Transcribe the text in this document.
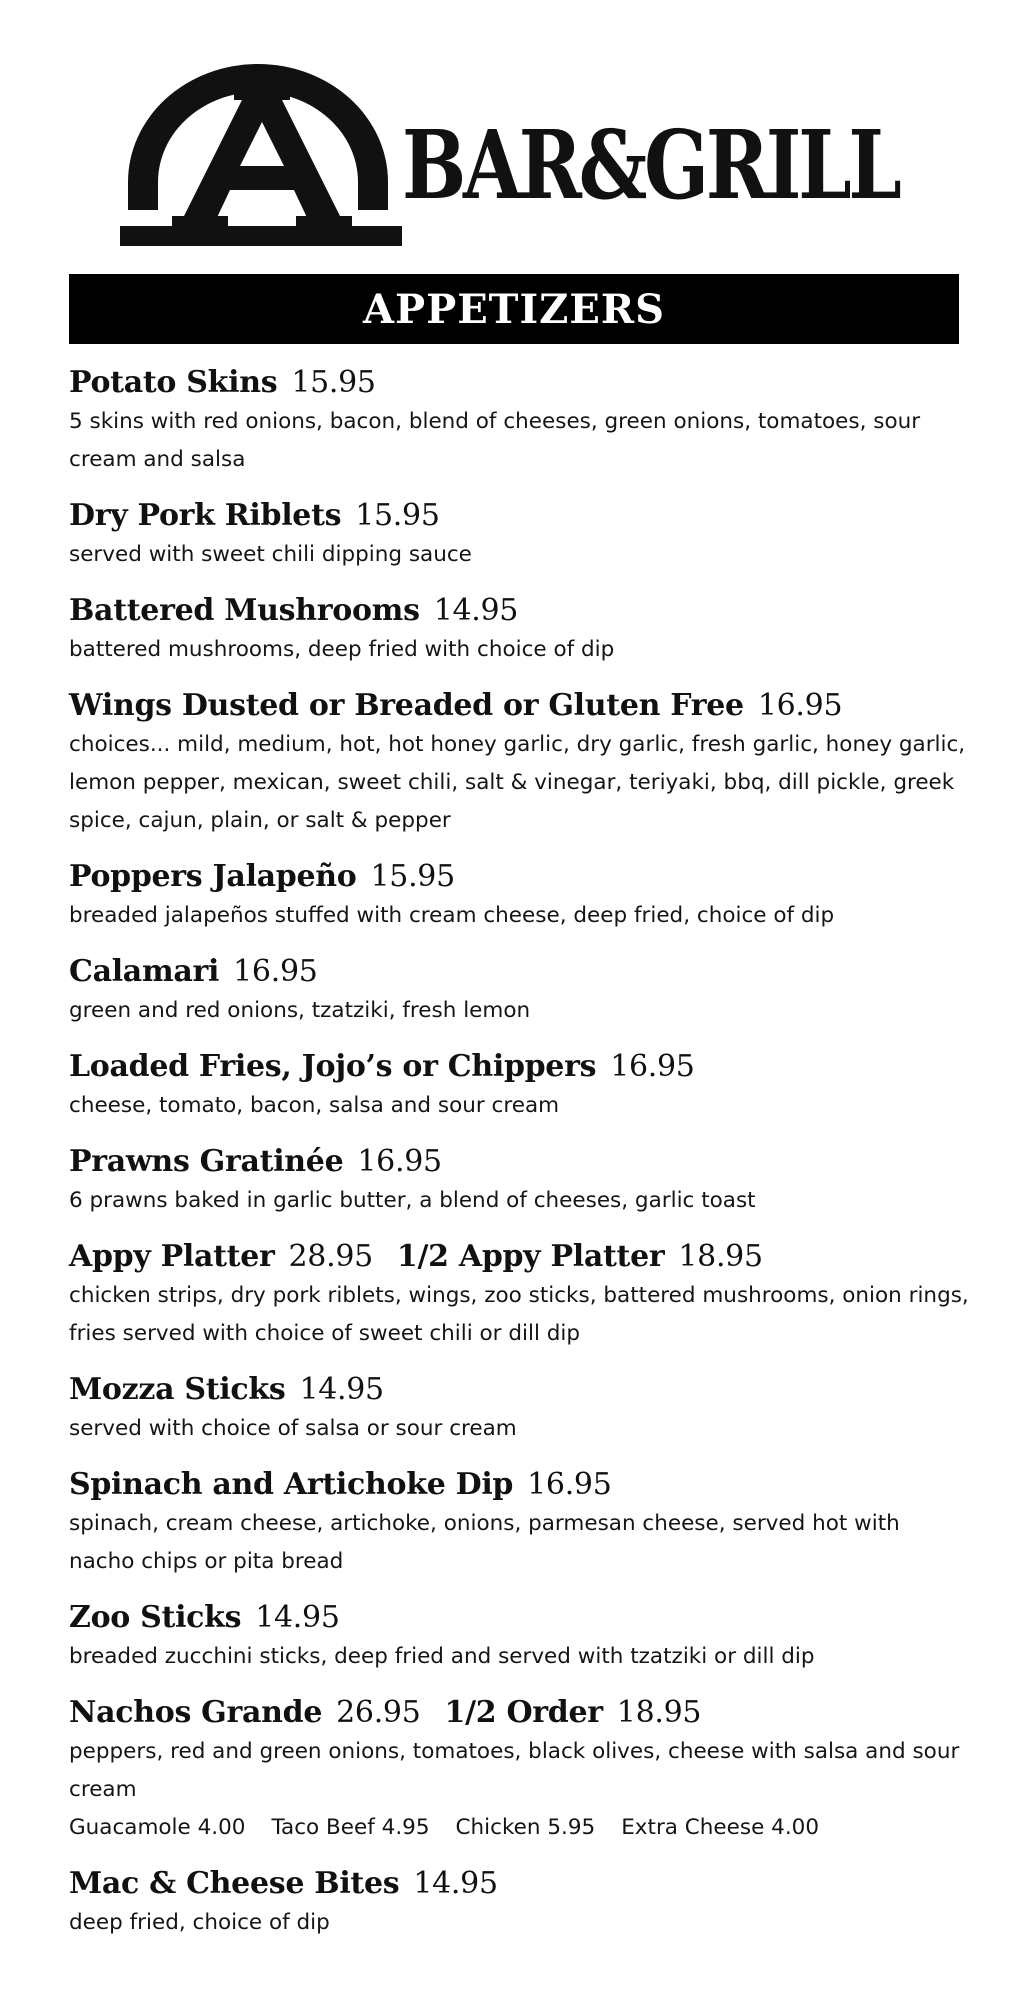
BAR&GRILL
APPETIZERS
Potato Skins 15.95
5 skins with red onions, bacon, blend of cheeses, green onions, tomatoes, sour cream and salsa
Dry Pork Riblets 15.95
served with sweet chili dipping sauce
Battered Mushrooms 14.95
battered mushrooms, deep fried with choice of dip
Wings Dusted or Breaded or Gluten Free 16.95
choices... mild, medium, hot, hot honey garlic, dry garlic, fresh garlic, honey garlic, lemon pepper, mexican, sweet chili, salt & vinegar, teriyaki, bbq, dill pickle, greek spice, cajun, plain, or salt & pepper
Poppers Jalapeño 15.95
breaded jalapeños stuffed with cream cheese, deep fried, choice of dip
Calamari 16.95
green and red onions, tzatziki, fresh lemon
Loaded Fries, Jojo’s or Chippers 16.95
cheese, tomato, bacon, salsa and sour cream
Prawns Gratinée 16.95
6 prawns baked in garlic butter, a blend of cheeses, garlic toast
Appy Platter 28.95 1/2 Appy Platter 18.95
chicken strips, dry pork riblets, wings, zoo sticks, battered mushrooms, onion rings, fries served with choice of sweet chili or dill dip
Mozza Sticks 14.95
served with choice of salsa or sour cream
Spinach and Artichoke Dip 16.95
spinach, cream cheese, artichoke, onions, parmesan cheese, served hot with nacho chips or pita bread
Zoo Sticks 14.95
breaded zucchini sticks, deep fried and served with tzatziki or dill dip
Nachos Grande 26.95 1/2 Order 18.95
peppers, red and green onions, tomatoes, black olives, cheese with salsa and sour cream
Guacamole 4.00 Taco Beef 4.95 Chicken 5.95 Extra Cheese 4.00
Mac & Cheese Bites 14.95
deep fried, choice of dip
